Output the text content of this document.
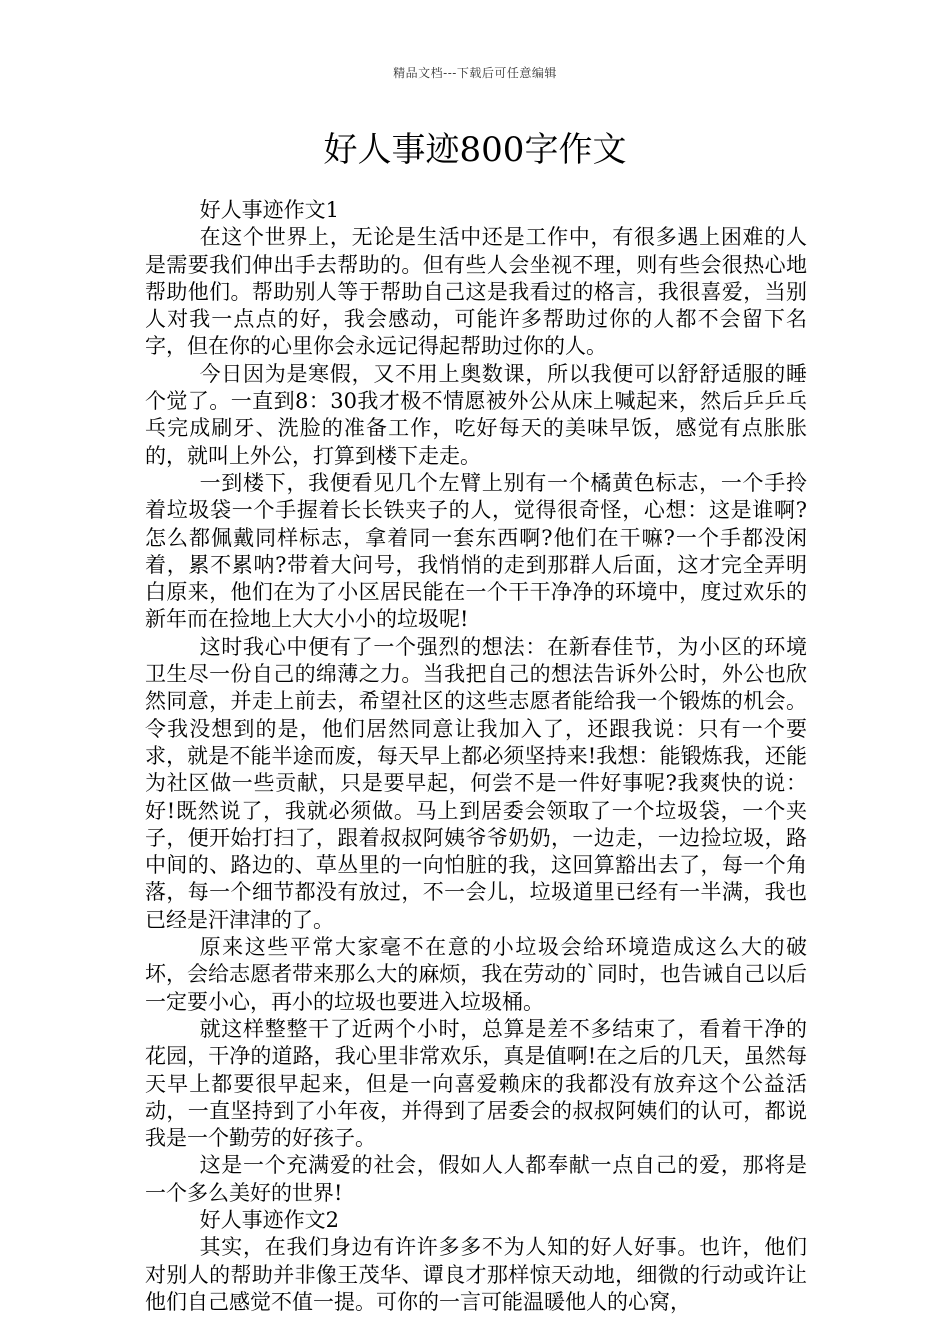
精品文档---下载后可任意编辑
好人事迹800字作文

好人事迹作文1

在这个世界上，无论是生活中还是工作中，有很多遇上困难的人是需要我们伸出手去帮助的。但有些人会坐视不理，则有些会很热心地帮助他们。帮助别人等于帮助自己这是我看过的格言，我很喜爱，当别人对我一点点的好，我会感动，可能许多帮助过你的人都不会留下名字，但在你的心里你会永远记得起帮助过你的人。

今日因为是寒假，又不用上奥数课，所以我便可以舒舒适服的睡个觉了。一直到8：30我才极不情愿被外公从床上喊起来，然后乒乒乓乓完成刷牙、洗脸的准备工作，吃好每天的美味早饭，感觉有点胀胀的，就叫上外公，打算到楼下走走。

一到楼下，我便看见几个左臂上别有一个橘黄色标志，一个手拎着垃圾袋一个手握着长长铁夹子的人，觉得很奇怪，心想：这是谁啊?怎么都佩戴同样标志，拿着同一套东西啊?他们在干嘛?一个手都没闲着，累不累呐?带着大问号，我悄悄的走到那群人后面，这才完全弄明白原来，他们在为了小区居民能在一个干干净净的环境中，度过欢乐的新年而在捡地上大大小小的垃圾呢!

这时我心中便有了一个强烈的想法：在新春佳节，为小区的环境卫生尽一份自己的绵薄之力。当我把自己的想法告诉外公时，外公也欣然同意，并走上前去，希望社区的这些志愿者能给我一个锻炼的机会。令我没想到的是，他们居然同意让我加入了，还跟我说：只有一个要求，就是不能半途而废，每天早上都必须坚持来!我想：能锻炼我，还能为社区做一些贡献，只是要早起，何尝不是一件好事呢?我爽快的说：好!既然说了，我就必须做。马上到居委会领取了一个垃圾袋，一个夹子，便开始打扫了，跟着叔叔阿姨爷爷奶奶，一边走，一边捡垃圾，路中间的、路边的、草丛里的一向怕脏的我，这回算豁出去了，每一个角落，每一个细节都没有放过，不一会儿，垃圾道里已经有一半满，我也已经是汗津津的了。

原来这些平常大家毫不在意的小垃圾会给环境造成这么大的破坏，会给志愿者带来那么大的麻烦，我在劳动的`同时，也告诫自己以后一定要小心，再小的垃圾也要进入垃圾桶。

就这样整整干了近两个小时，总算是差不多结束了，看着干净的花园，干净的道路，我心里非常欢乐，真是值啊!在之后的几天，虽然每天早上都要很早起来，但是一向喜爱赖床的我都没有放弃这个公益活动，一直坚持到了小年夜，并得到了居委会的叔叔阿姨们的认可，都说我是一个勤劳的好孩子。

这是一个充满爱的社会，假如人人都奉献一点自己的爱，那将是一个多么美好的世界!

好人事迹作文2

其实，在我们身边有许许多多不为人知的好人好事。也许，他们对别人的帮助并非像王茂华、谭良才那样惊天动地，细微的行动或许让他们自己感觉不值一提。可你的一言可能温暖他人的心窝，
